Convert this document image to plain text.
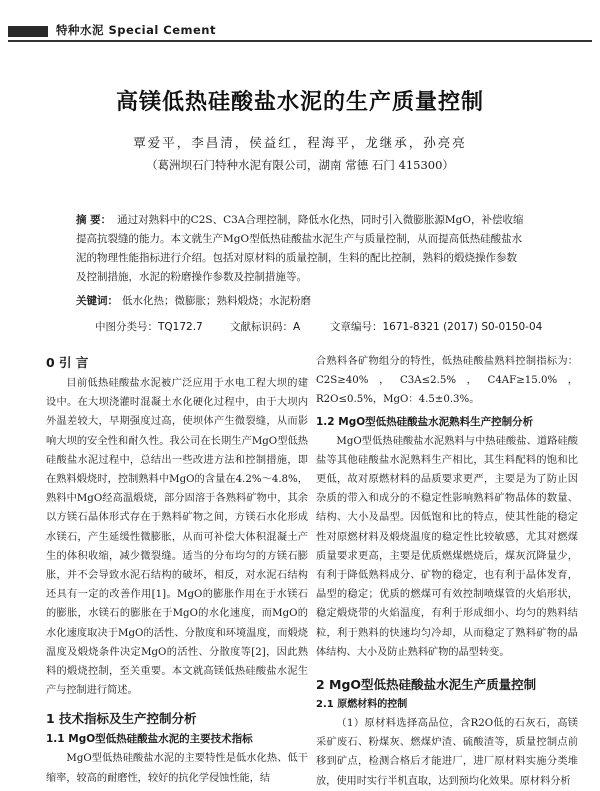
特种水泥 Special Cement
高镁低热硅酸盐水泥的生产质量控制
覃爱平，李昌清，侯益红，程海平，龙继承，孙亮亮
（葛洲坝石门特种水泥有限公司，湖南 常德 石门 415300）
摘 要： 通过对熟料中的C2S、C3A合理控制，降低水化热，同时引入微膨胀源MgO，补偿收缩提高抗裂缝的能力。本文就生产MgO型低热硅酸盐水泥生产与质量控制，从而提高低热硅酸盐水泥的物理性能指标进行介绍。包括对原材料的质量控制，生料的配比控制，熟料的煅烧操作参数及控制措施，水泥的粉磨操作参数及控制措施等。
关键词： 低水化热；微膨胀；熟料煅烧；水泥粉磨
中图分类号：TQ172.7	文献标识码：A	文章编号：1671-8321 (2017) S0-0150-04
0 引 言

目前低热硅酸盐水泥被广泛应用于水电工程大坝的建设中。在大坝浇灌时混凝土水化硬化过程中，由于大坝内外温差较大，早期强度过高，使坝体产生微裂缝，从而影响大坝的安全性和耐久性。我公司在长期生产MgO型低热硅酸盐水泥过程中，总结出一些改进方法和控制措施，即在熟料煅烧时，控制熟料中MgO的含量在4.2%～4.8%，熟料中MgO经高温煅烧，部分固溶于各熟料矿物中，其余以方镁石晶体形式存在于熟料矿物之间，方镁石水化形成水镁石，产生延缓性微膨胀，从而可补偿大体积混凝土产生的体积收缩，减少微裂缝。适当的分布均匀的方镁石膨胀，并不会导致水泥石结构的破坏，相反，对水泥石结构还具有一定的改善作用[1]。MgO的膨胀作用在于水镁石的膨胀，水镁石的膨胀在于MgO的水化速度，而MgO的水化速度取决于MgO的活性、分散度和环境温度，而煅烧温度及煅烧条件决定MgO的活性、分散度等[2]，因此熟料的煅烧控制，至关重要。本文就高镁低热硅酸盐水泥生产与控制进行简述。

1 技术指标及生产控制分析
1.1 MgO型低热硅酸盐水泥的主要技术指标

MgO型低热硅酸盐水泥的主要特性是低水化热、低干缩率，较高的耐磨性，较好的抗化学侵蚀性能，结

合熟料各矿物组分的特性，低热硅酸盐熟料控制指标为：C2S≥40%，C3A≤2.5%，C4AF≥15.0%，R2O≤0.5%，MgO：4.5±0.3%。

1.2 MgO型低热硅酸盐水泥熟料生产控制分析

MgO型低热硅酸盐水泥熟料与中热硅酸盐、道路硅酸盐等其他硅酸盐水泥熟料生产相比，其生料配料的饱和比更低，故对原燃材料的品质要求更严，主要是为了防止因杂质的带入和成分的不稳定性影响熟料矿物晶体的数量、结构、大小及晶型。因低饱和比的特点，使其性能的稳定性对原燃材料及煅烧温度的稳定性比较敏感，尤其对燃煤质量要求更高，主要是优质燃煤燃烧后，煤灰沉降量少，有利于降低熟料成分、矿物的稳定，也有利于晶体发育，晶型的稳定；优质的燃煤可有效控制喷煤管的火焰形状，稳定煅烧带的火焰温度，有利于形成细小、均匀的熟料结粒，利于熟料的快速均匀冷却，从而稳定了熟料矿物的晶体结构、大小及防止熟料矿物的晶型转变。

2 MgO型低热硅酸盐水泥生产质量控制
2.1 原燃材料的控制

（1）原材料选择高品位，含R2O低的石灰石，高镁采矿废石、粉煤灰、燃煤炉渣、硫酸渣等，质量控制点前移到矿点，检测合格后才能进厂，进厂原材料实施分类堆放，使用时实行半机直取，达到预均化效果。原材料分析
